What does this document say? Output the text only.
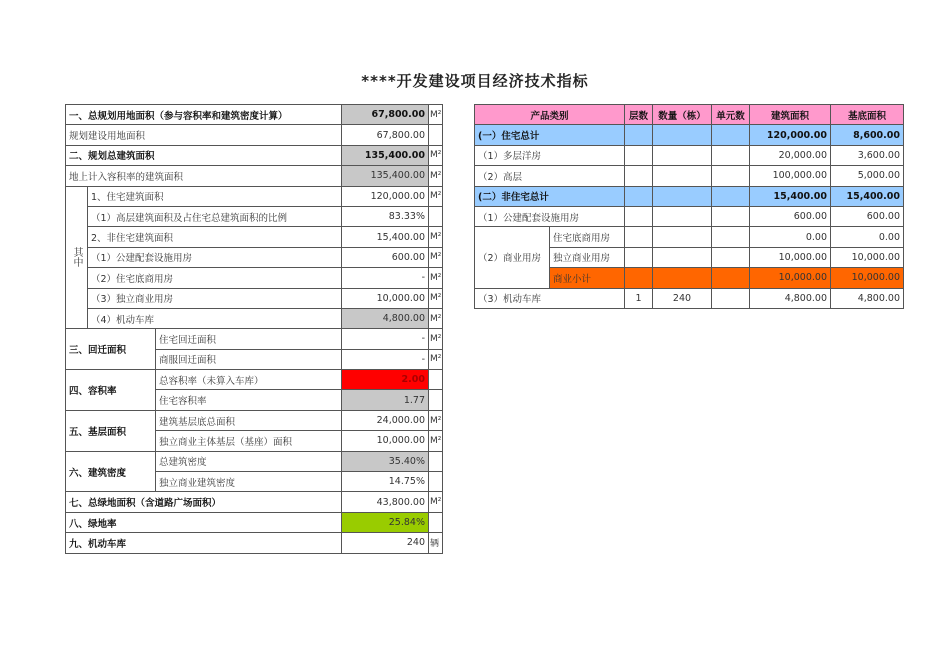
****开发建设项目经济技术指标
一、总规划用地面积（参与容积率和建筑密度计算）			67,800.00	M²
规划建设用地面积			67,800.00	
二、规划总建筑面积			135,400.00	M²
地上计入容积率的建筑面积			135,400.00	M²
其中	1、住宅建筑面积		120,000.00	M²
	（1）高层建筑面积及占住宅总建筑面积的比例		83.33%	
	2、非住宅建筑面积		15,400.00	M²
	（1）公建配套设施用房		600.00	M²
	（2）住宅底商用房		-	M²
	（3）独立商业用房		10,000.00	M²
	（4）机动车库		4,800.00	M²
三、回迁面积		住宅回迁面积	-	M²
		商服回迁面积	-	M²
四、容积率		总容积率（未算入车库）	2.00	
		住宅容积率	1.77	
五、基层面积		建筑基层底总面积	24,000.00	M²
		独立商业主体基层（基座）面积	10,000.00	M²
六、建筑密度		总建筑密度	35.40%	
		独立商业建筑密度	14.75%	
七、总绿地面积（含道路广场面积）			43,800.00	M²
八、绿地率			25.84%	
九、机动车库			240	辆
产品类别		层数	数量（栋）	单元数	建筑面积	基底面积
(一）住宅总计					120,000.00	8,600.00
（1）多层洋房					20,000.00	3,600.00
（2）高层					100,000.00	5,000.00
(二）非住宅总计					15,400.00	15,400.00
（1）公建配套设施用房					600.00	600.00
（2）商业用房	住宅底商用房				0.00	0.00
	独立商业用房				10,000.00	10,000.00
	商业小计				10,000.00	10,000.00
（3）机动车库		1	240		4,800.00	4,800.00
